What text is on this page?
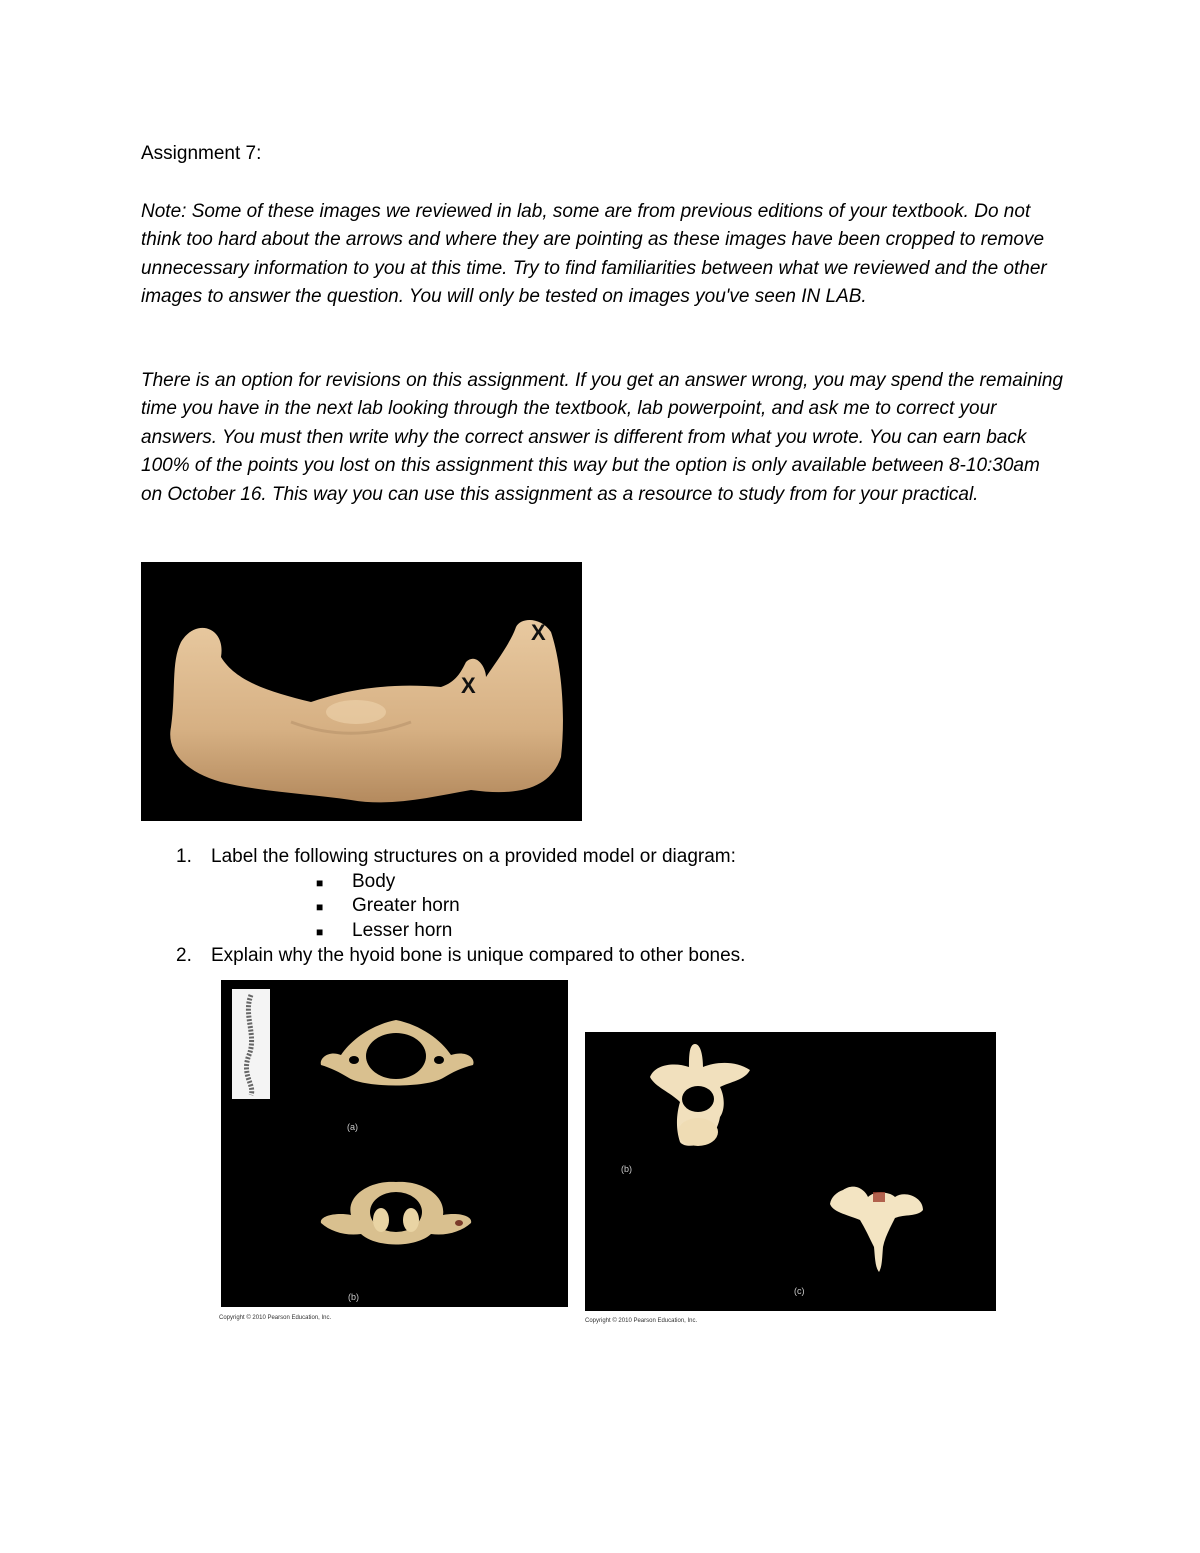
Assignment 7:
Note: Some of these images we reviewed in lab, some are from previous editions of your textbook. Do not think too hard about the arrows and where they are pointing as these images have been cropped to remove unnecessary information to you at this time. Try to find familiarities between what we reviewed and the other images to answer the question. You will only be tested on images you've seen IN LAB.
There is an option for revisions on this assignment. If you get an answer wrong, you may spend the remaining time you have in the next lab looking through the textbook, lab powerpoint, and ask me to correct your answers. You must then write why the correct answer is different from what you wrote. You can earn back 100% of the points you lost on this assignment this way but the option is only available between 8-10:30am on October 16. This way you can use this assignment as a resource to study from for your practical.
X
X
1. Label the following structures on a provided model or diagram:
■ Body
■ Greater horn
■ Lesser horn
2. Explain why the hyoid bone is unique compared to other bones.
(a)
(b)
Copyright © 2010 Pearson Education, Inc.
(b)
(c)
Copyright © 2010 Pearson Education, Inc.
